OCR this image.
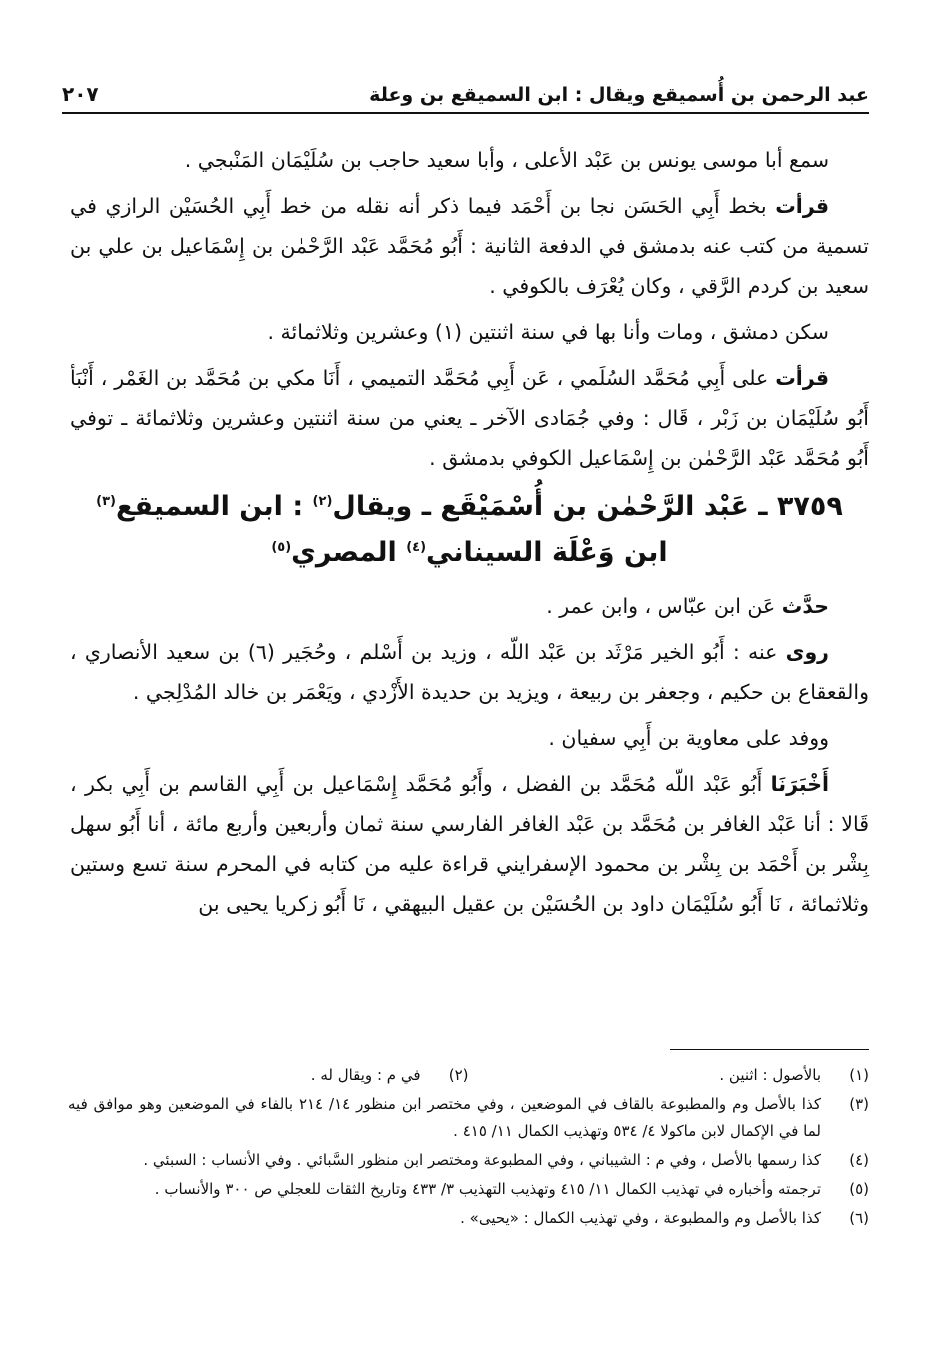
عبد الرحمن بن أُسميقع ويقال : ابن السميقع بن وعلة
٢٠٧

سمع أبا موسى يونس بن عَبْد الأعلى ، وأبا سعيد حاجب بن سُلَيْمَان المَنْبجي .

قرأت بخط أَبِي الحَسَن نجا بن أَحْمَد فيما ذكر أنه نقله من خط أَبِي الحُسَيْن الرازي في تسمية من كتب عنه بدمشق في الدفعة الثانية : أَبُو مُحَمَّد عَبْد الرَّحْمٰن بن إِسْمَاعيل بن علي بن سعيد بن كردم الرَّقي ، وكان يُعْرَف بالكوفي .

سكن دمشق ، ومات وأنا بها في سنة اثنتين (١) وعشرين وثلاثمائة .

قرأت على أَبِي مُحَمَّد السُلَمي ، عَن أَبِي مُحَمَّد التميمي ، أَنَا مكي بن مُحَمَّد بن الغَمْر ، أَنْبَأ أَبُو سُلَيْمَان بن زَبْر ، قَال : وفي جُمَادى الآخر ـ يعني من سنة اثنتين وعشرين وثلاثمائة ـ توفي أَبُو مُحَمَّد عَبْد الرَّحْمٰن بن إِسْمَاعيل الكوفي بدمشق .

٣٧٥٩ ـ عَبْد الرَّحْمٰن بن أُسْمَيْقَع ـ ويقال$^{(٢)}$ : ابن السميقع$^{(٣)}$
ابن وَعْلَة السيناني$^{(٤)}$ المصري$^{(٥)}$

حدَّث عَن ابن عبّاس ، وابن عمر .

روى عنه : أَبُو الخير مَرْثَد بن عَبْد اللّه ، وزيد بن أَسْلم ، وحُجَير (٦) بن سعيد الأنصاري ، والقعقاع بن حكيم ، وجعفر بن ربيعة ، ويزيد بن حديدة الأَزْدي ، ويَعْمَر بن خالد المُدْلِجي .

ووفد على معاوية بن أَبِي سفيان .

أَخْبَرَنَا أَبُو عَبْد اللّه مُحَمَّد بن الفضل ، وأَبُو مُحَمَّد إِسْمَاعيل بن أَبِي القاسم بن أَبِي بكر ، قَالا : أنا عَبْد الغافر بن مُحَمَّد بن عَبْد الغافر الفارسي سنة ثمان وأربعين وأربع مائة ، أنا أَبُو سهل بِشْر بن أَحْمَد بن بِشْر بن محمود الإسفرايني قراءة عليه من كتابه في المحرم سنة تسع وستين وثلاثمائة ، نَا أَبُو سُلَيْمَان داود بن الحُسَيْن بن عقيل البيهقي ، نَا أَبُو زكريا يحيى بن

(١)
بالأصول : اثنين .
(٢)
في م : ويقال له .
(٣)
كذا بالأصل وم والمطبوعة بالقاف في الموضعين ، وفي مختصر ابن منظور ١٤/ ٢١٤ بالفاء في الموضعين وهو موافق فيه لما في الإكمال لابن ماكولا ٤/ ٥٣٤ وتهذيب الكمال ١١/ ٤١٥ .
(٤)
كذا رسمها بالأصل ، وفي م : الشيباني ، وفي المطبوعة ومختصر ابن منظور السَّبائي . وفي الأنساب : السبئي .
(٥)
ترجمته وأخباره في تهذيب الكمال ١١/ ٤١٥ وتهذيب التهذيب ٣/ ٤٣٣ وتاريخ الثقات للعجلي ص ٣٠٠ والأنساب .
(٦)
كذا بالأصل وم والمطبوعة ، وفي تهذيب الكمال : «يحيى» .
